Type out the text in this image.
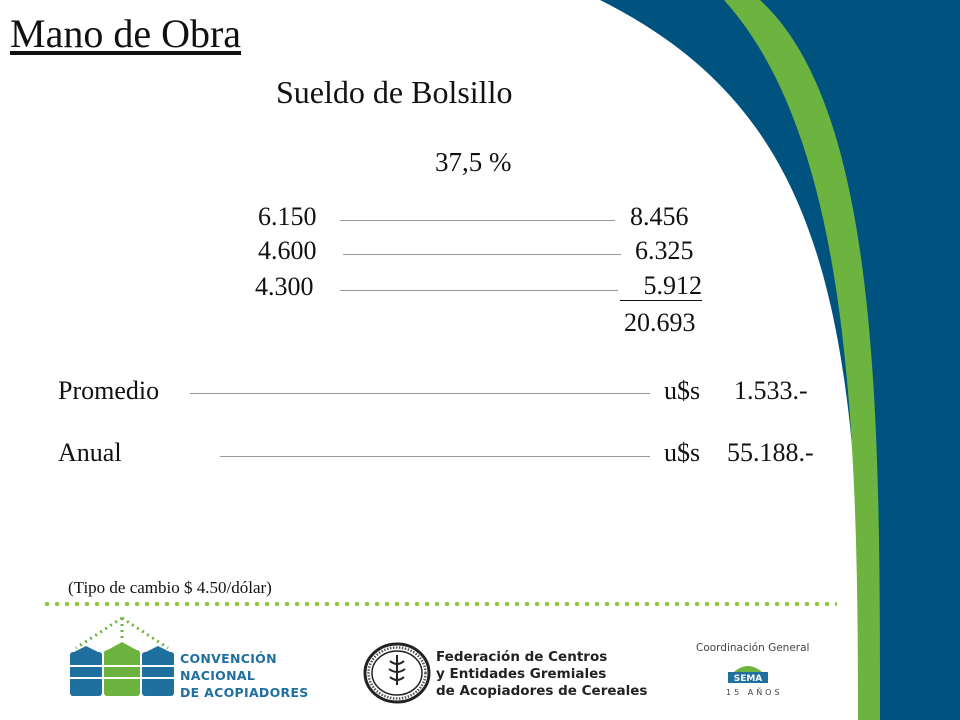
Mano de Obra
Sueldo de Bolsillo
37,5 %
6.150	8.456
4.600	6.325
4.300	5.912
20.693
Promedio	u$s 1.533.-
Anual	u$s 55.188.-
(Tipo de cambio $ 4.50/dólar)
CONVENCIÓN
NACIONAL
DE ACOPIADORES
Federación de Centros
y Entidades Gremiales
de Acopiadores de Cereales
Coordinación General
SEMA
15 AÑOS
